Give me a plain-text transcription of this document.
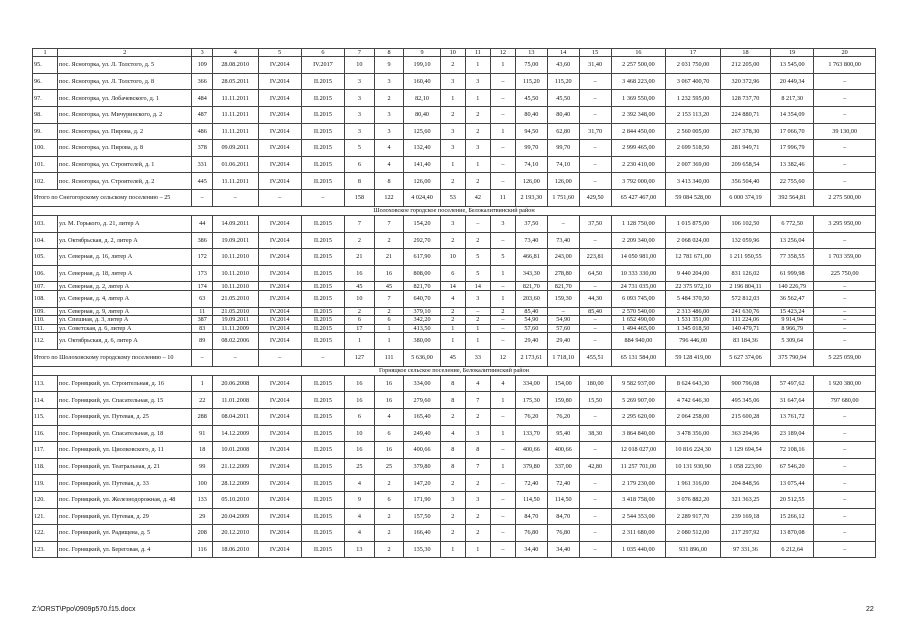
1	2	3	4	5	6	7	8	9	10	11	12	13	14	15	16	17	18	19	20
95.	пос. Ясногорка, ул. Л. Толстого, д. 5	109	28.08.2010	IV.2014	IV.2017	10	9	199,10	2	1	1	75,00	43,60	31,40	2 257 500,00	2 031 750,00	212 205,00	13 545,00	1 763 800,00
96.	пос. Ясногорка, ул. Л. Толстого, д. 8	366	28.05.2011	IV.2014	II.2015	3	3	160,40	3	3	–	115,20	115,20	–	3 468 223,00	3 067 400,70	320 372,96	20 449,34	–
97.	пос. Ясногорка, ул. Лобачевского, д. 1	484	11.11.2011	IV.2014	II.2015	3	2	82,10	1	1	–	45,50	45,50	–	1 369 550,00	1 232 595,00	128 737,70	8 217,30	–
98.	пос. Ясногорка, ул. Мичуринского, д. 2	487	11.11.2011	IV.2014	II.2015	3	3	80,40	2	2	–	80,40	80,40	–	2 392 348,00	2 153 113,20	224 880,71	14 354,09	–
99.	пос. Ясногорка, ул. Пирова, д. 2	486	11.11.2011	IV.2014	II.2015	3	3	125,60	3	2	1	94,50	62,80	31,70	2 844 450,00	2 560 005,00	267 378,30	17 066,70	39 130,00
100.	пос. Ясногорка, ул. Пирова, д. 8	378	09.09.2011	IV.2014	II.2015	5	4	132,40	3	3	–	99,70	99,70	–	2 999 465,00	2 699 518,50	281 949,71	17 996,79	–
101.	пос. Ясногорка, ул. Строителей, д. 1	331	01.06.2011	IV.2014	II.2015	6	4	141,40	1	1	–	74,10	74,10	–	2 230 410,00	2 007 369,00	209 658,54	13 382,46	–
102.	пос. Ясногорка, ул. Строителей, д. 2	445	11.11.2011	IV.2014	II.2015	8	8	126,00	2	2	–	126,00	126,00	–	3 792 000,00	3 413 340,00	356 504,40	22 755,60	–
Итого по Снегогорскому сельскому поселению – 25		–	–	–	–	158	122	4 024,40	53	42	11	2 193,30	1 751,60	429,50	65 427 467,00	59 084 528,00	6 000 374,19	392 564,81	2 275 500,00
Шолоховское городское поселение, Белокалитвинский район																			
103.	ул. М. Горького, д. 21, литер А	44	14.09.2011	IV.2014	II.2015	7	7	154,20	3	–	3	37,50	–	37,50	1 128 750,00	1 015 875,00	106 102,50	6 772,50	3 295 950,00
104.	ул. Октябрьская, д. 2, литер А	386	19.09.2011	IV.2014	II.2015	2	2	292,70	2	2	–	73,40	73,40	–	2 209 340,00	2 068 024,00	132 059,96	13 256,04	–
105.	ул. Северная, д. 16, литер А	172	10.11.2010	IV.2014	II.2015	21	21	617,90	10	5	5	466,81	243,00	223,81	14 050 981,00	12 781 671,00	1 211 950,55	77 358,55	1 703 359,00
106.	ул. Северная, д. 18, литер А	173	10.11.2010	IV.2014	II.2015	16	16	808,00	6	5	1	343,30	278,80	64,50	10 333 330,00	9 440 204,00	831 126,02	61 999,98	225 750,00
107.	ул. Северная, д. 2, литер А	174	10.11.2010	IV.2014	II.2015	45	45	821,70	14	14	–	821,70	821,70	–	24 731 035,00	22 375 972,10	2 196 804,11	140 226,79	–
108.	ул. Северная, д. 4, литер А	63	21.05.2010	IV.2014	II.2015	10	7	640,70	4	3	1	203,60	159,30	44,30	6 093 745,00	5 484 370,50	572 812,03	36 562,47	–
109.	ул. Северная, д. 9, литер А	11	21.05.2010	IV.2014	II.2015	2	2	379,10	2	–	2	85,40	–	85,40	2 570 540,00	2 313 486,00	241 630,76	15 423,24	–
110.	ул. Спешная, д. 3, литер А	387	19.09.2011	IV.2014	II.2015	6	6	342,20	2	2	–	54,90	54,90	–	1 652 490,00	1 531 351,00	111 224,06	9 914,94	–
111.	ул. Советская, д. 6, литер А	83	11.11.2009	IV.2014	II.2015	17	1	413,50	1	1	–	57,60	57,60	–	1 494 465,00	1 345 018,50	140 479,71	8 966,79	–
112.	ул. Октябрьская, д. 6, литер А	89	08.02.2006	IV.2014	II.2015	1	1	380,00	1	1	–	29,40	29,40	–	884 940,00	796 446,00	83 184,36	5 309,64	–
Итого по Шолоховскому городскому поселению – 10		–	–	–	–	127	111	5 636,00	45	33	12	2 173,61	1 718,10	455,51	65 131 584,00	59 128 419,00	5 627 374,06	375 790,94	5 225 059,00
Горняцкое сельское поселение, Белокалитвинский район																			
113.	пос. Горняцкий, ул. Строительная, д. 16	1	20.06.2008	IV.2014	II.2015	16	16	334,00	8	4	4	334,00	154,00	180,00	9 582 937,00	8 624 643,30	900 796,08	57 497,62	1 920 380,00
114.	пос. Горняцкий, ул. Спасательная, д. 15	22	11.01.2008	IV.2014	II.2015	16	16	279,60	8	7	1	175,30	159,80	15,50	5 269 907,00	4 742 646,30	495 345,06	31 647,64	797 680,00
115.	пос. Горняцкий, ул. Путевая, д. 25	288	08.04.2011	IV.2014	II.2015	6	4	165,40	2	2	–	76,20	76,20	–	2 295 620,00	2 064 258,00	215 600,28	13 761,72	–
116.	пос. Горняцкий, ул. Спасательная, д. 18	91	14.12.2009	IV.2014	II.2015	10	6	249,40	4	3	1	133,70	95,40	38,30	3 864 840,00	3 478 356,00	363 294,96	23 189,04	–
117.	пос. Горняцкий, ул. Циолковского, д. 11	18	10.01.2008	IV.2014	II.2015	16	16	400,66	8	8	–	400,66	400,66	–	12 018 027,00	10 816 224,30	1 129 694,54	72 108,16	–
118.	пос. Горняцкий, ул. Театральная, д. 21	99	21.12.2009	IV.2014	II.2015	25	25	379,80	8	7	1	379,80	337,00	42,80	11 257 701,00	10 131 930,90	1 058 223,90	67 546,20	–
119.	пос. Горняцкий, ул. Путевая, д. 33	100	28.12.2009	IV.2014	II.2015	4	2	147,20	2	2	–	72,40	72,40	–	2 179 230,00	1 961 316,00	204 848,56	13 075,44	–
120.	пос. Горняцкий, ул. Железнодорожная, д. 48	133	05.10.2010	IV.2014	II.2015	9	6	171,90	3	3	–	114,50	114,50	–	3 418 758,00	3 076 882,20	321 363,25	20 512,55	–
121.	пос. Горняцкий, ул. Путевая, д. 29	29	20.04.2009	IV.2014	II.2015	4	2	157,50	2	2	–	84,70	84,70	–	2 544 353,00	2 289 917,70	239 169,18	15 266,12	–
122.	пос. Горняцкий, ул. Радищева, д. 5	208	20.12.2010	IV.2014	II.2015	4	2	166,40	2	2	–	76,80	76,80	–	2 311 680,00	2 080 512,00	217 297,92	13 870,08	–
123.	пос. Горняцкий, ул. Береговая, д. 4	116	18.06.2010	IV.2014	II.2015	13	2	135,30	1	1	–	34,40	34,40	–	1 035 440,00	931 896,00	97 331,36	6 212,64	–
Z:\ORST\Ppo\0909p570.f15.docx	22
